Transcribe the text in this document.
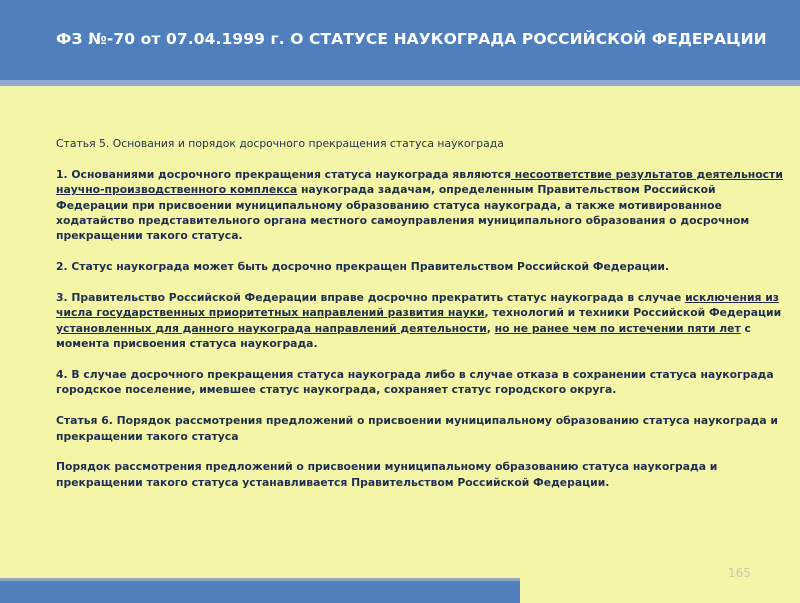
ФЗ №-70 от 07.04.1999 г. О СТАТУСЕ НАУКОГРАДА РОССИЙСКОЙ ФЕДЕРАЦИИ

Статья 5. Основания и порядок досрочного прекращения статуса наукограда

1. Основаниями досрочного прекращения статуса наукограда являются несоответствие результатов деятельности научно-производственного комплекса наукограда задачам, определенным Правительством Российской Федерации при присвоении муниципальному образованию статуса наукограда, а также мотивированное ходатайство представительного органа местного самоуправления муниципального образования о досрочном прекращении такого статуса.

2. Статус наукограда может быть досрочно прекращен Правительством Российской Федерации.

3. Правительство Российской Федерации вправе досрочно прекратить статус наукограда в случае исключения из числа государственных приоритетных направлений развития науки, технологий и техники Российской Федерации установленных для данного наукограда направлений деятельности, но не ранее чем по истечении пяти лет с момента присвоения статуса наукограда.

4. В случае досрочного прекращения статуса наукограда либо в случае отказа в сохранении статуса наукограда городское поселение, имевшее статус наукограда, сохраняет статус городского округа.

Статья 6. Порядок рассмотрения предложений о присвоении муниципальному образованию статуса наукограда и прекращении такого статуса

Порядок рассмотрения предложений о присвоении муниципальному образованию статуса наукограда и прекращении такого статуса устанавливается Правительством Российской Федерации.

165
